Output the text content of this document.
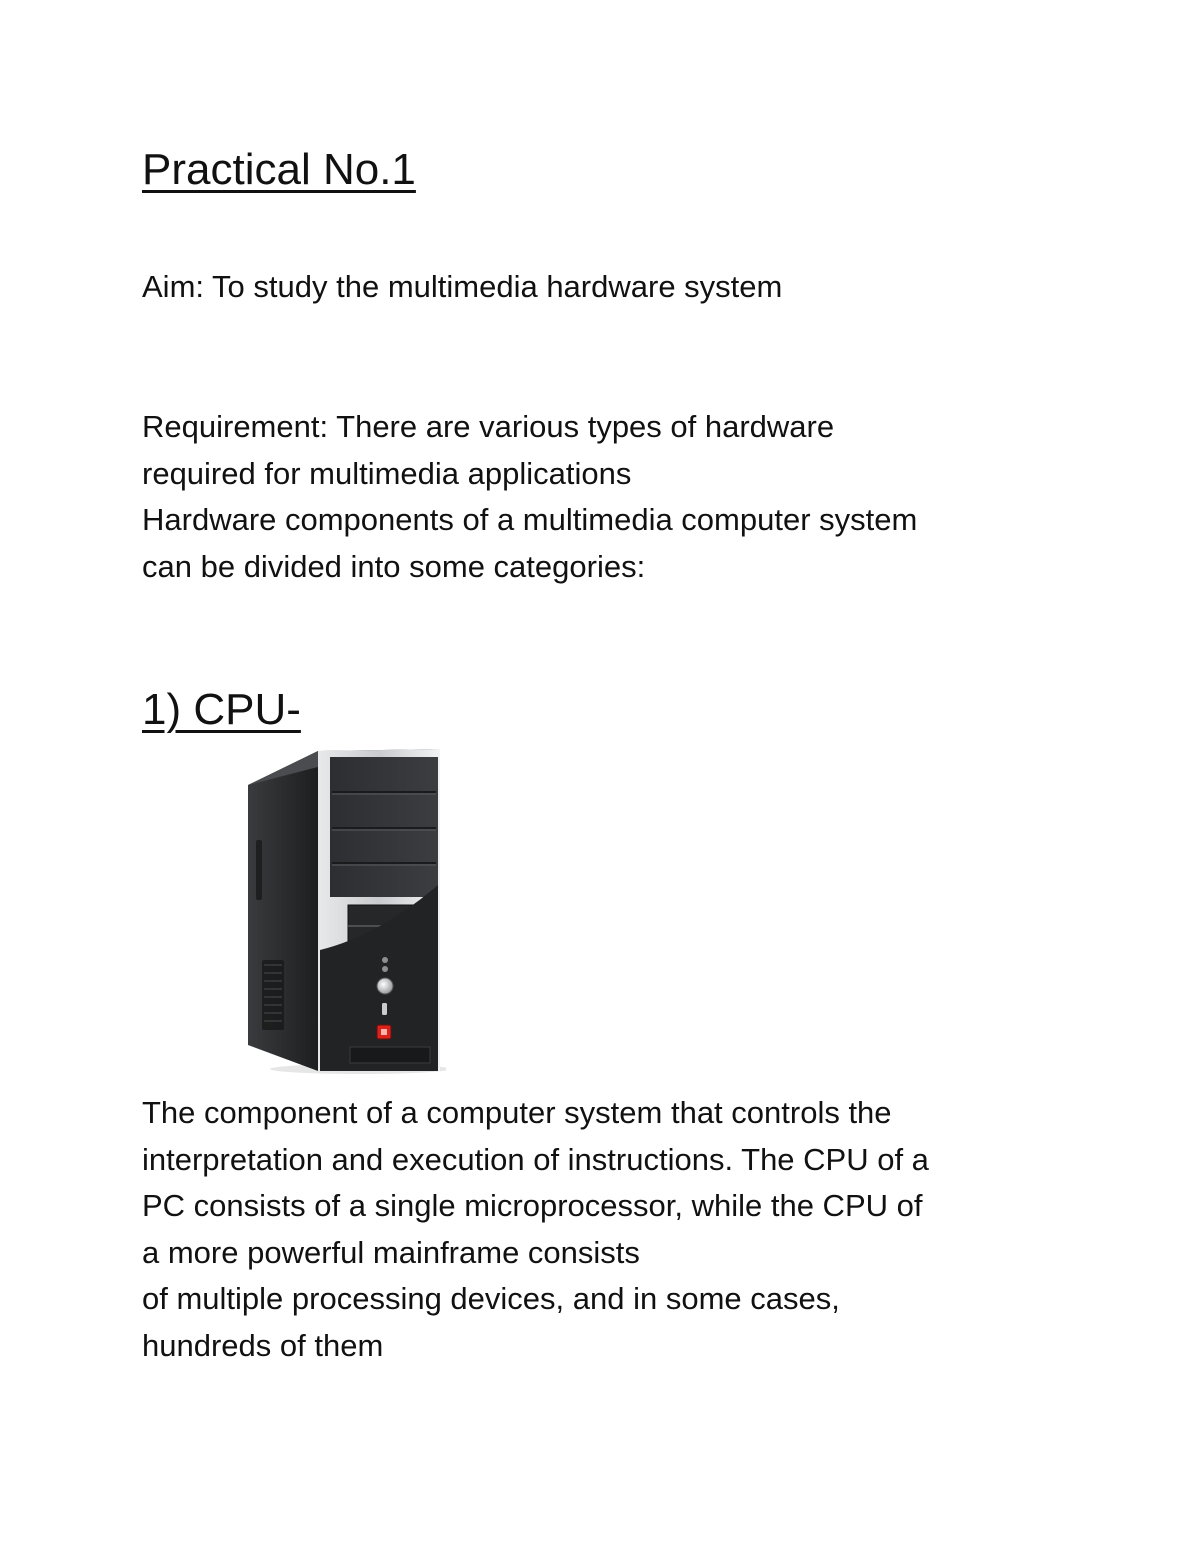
Practical No.1

Aim: To study the multimedia hardware system

Requirement: There are various types of hardware
required for multimedia applications
Hardware components of a multimedia computer system
can be divided into some categories:

1) CPU-

The component of a computer system that controls the
interpretation and execution of instructions. The CPU of a
PC consists of a single microprocessor, while the CPU of
a more powerful mainframe consists
of multiple processing devices, and in some cases,
hundreds of them
